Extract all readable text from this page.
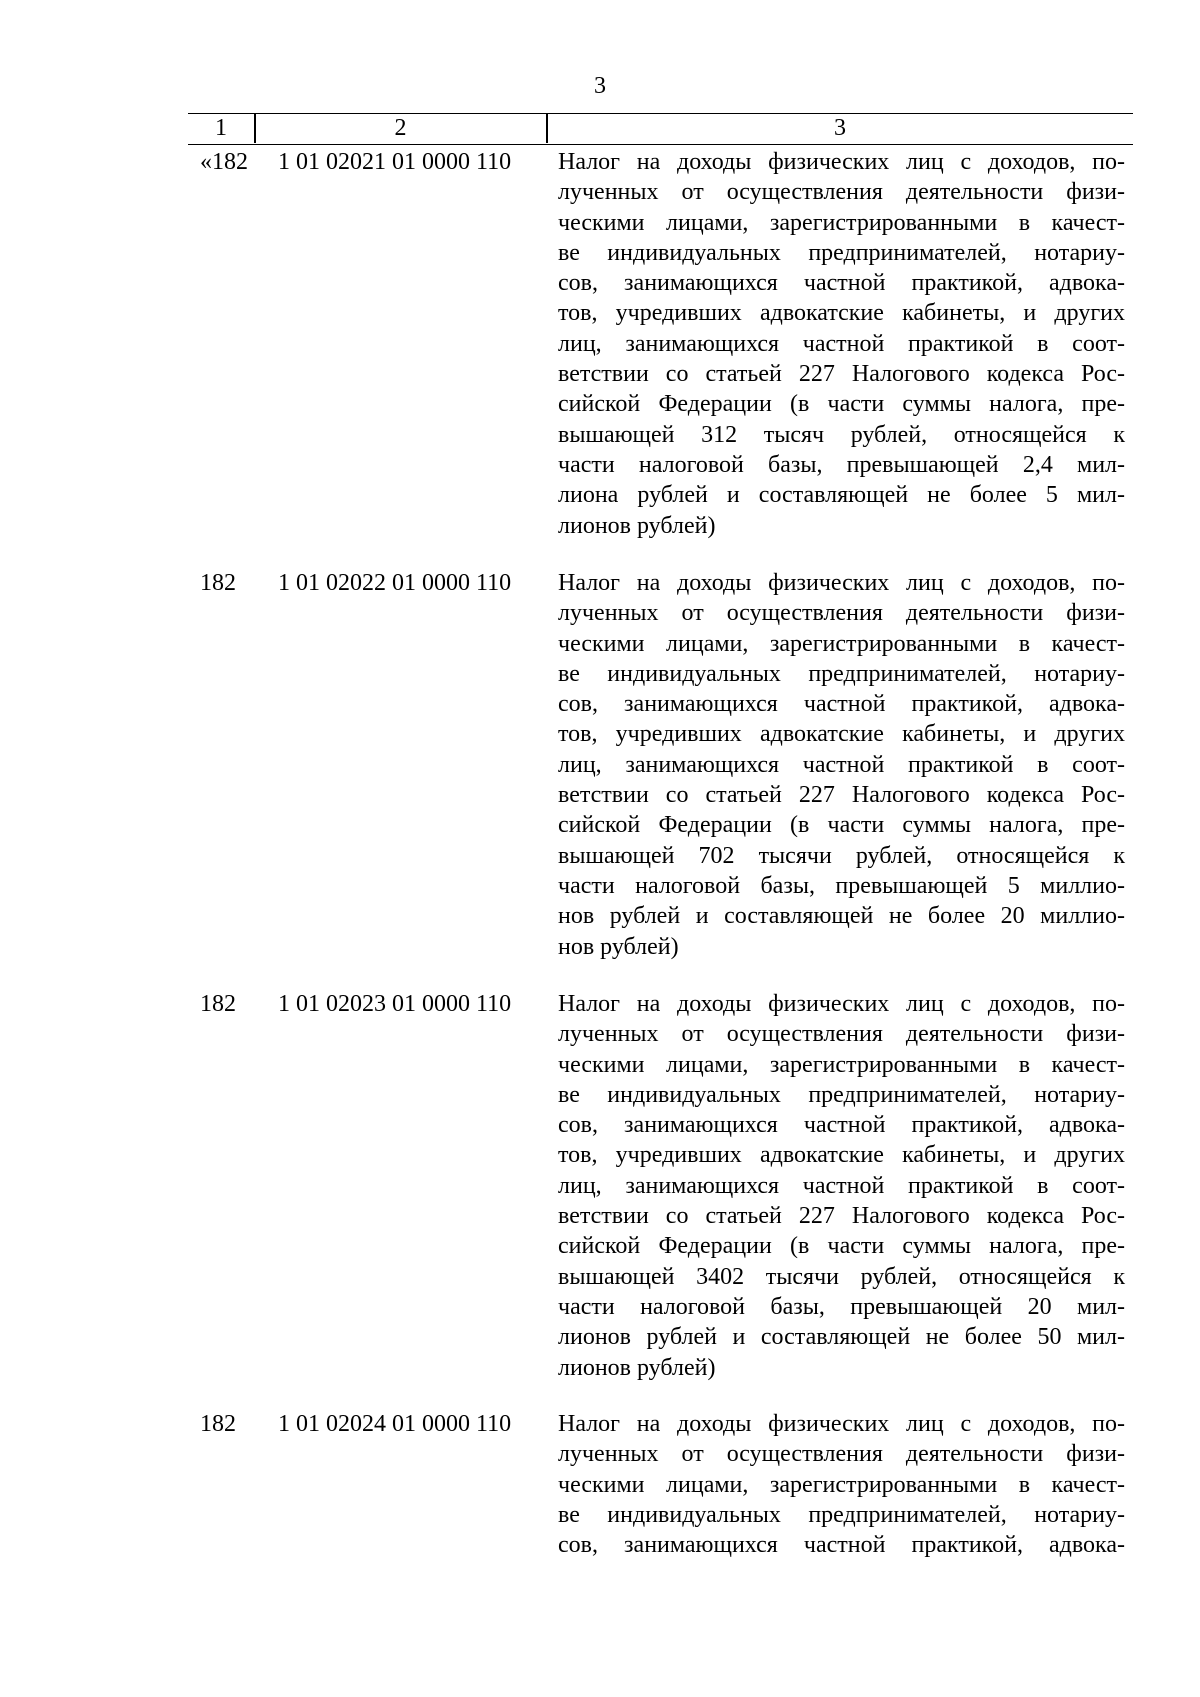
3
1	2	3
«182	1 01 02021 01 0000 110	Налог на доходы физических лиц с доходов, по-
лученных от осуществления деятельности физи-
ческими лицами, зарегистрированными в качест-
ве индивидуальных предпринимателей, нотариу-
сов, занимающихся частной практикой, адвока-
тов, учредивших адвокатские кабинеты, и других
лиц, занимающихся частной практикой в соот-
ветствии со статьей 227 Налогового кодекса Рос-
сийской Федерации (в части суммы налога, пре-
вышающей 312 тысяч рублей, относящейся к
части налоговой базы, превышающей 2,4 мил-
лиона рублей и составляющей не более 5 мил-
лионов рублей)
182	1 01 02022 01 0000 110	Налог на доходы физических лиц с доходов, по-
лученных от осуществления деятельности физи-
ческими лицами, зарегистрированными в качест-
ве индивидуальных предпринимателей, нотариу-
сов, занимающихся частной практикой, адвока-
тов, учредивших адвокатские кабинеты, и других
лиц, занимающихся частной практикой в соот-
ветствии со статьей 227 Налогового кодекса Рос-
сийской Федерации (в части суммы налога, пре-
вышающей 702 тысячи рублей, относящейся к
части налоговой базы, превышающей 5 миллио-
нов рублей и составляющей не более 20 миллио-
нов рублей)
182	1 01 02023 01 0000 110	Налог на доходы физических лиц с доходов, по-
лученных от осуществления деятельности физи-
ческими лицами, зарегистрированными в качест-
ве индивидуальных предпринимателей, нотариу-
сов, занимающихся частной практикой, адвока-
тов, учредивших адвокатские кабинеты, и других
лиц, занимающихся частной практикой в соот-
ветствии со статьей 227 Налогового кодекса Рос-
сийской Федерации (в части суммы налога, пре-
вышающей 3402 тысячи рублей, относящейся к
части налоговой базы, превышающей 20 мил-
лионов рублей и составляющей не более 50 мил-
лионов рублей)
182	1 01 02024 01 0000 110	Налог на доходы физических лиц с доходов, по-
лученных от осуществления деятельности физи-
ческими лицами, зарегистрированными в качест-
ве индивидуальных предпринимателей, нотариу-
сов, занимающихся частной практикой, адвока-
